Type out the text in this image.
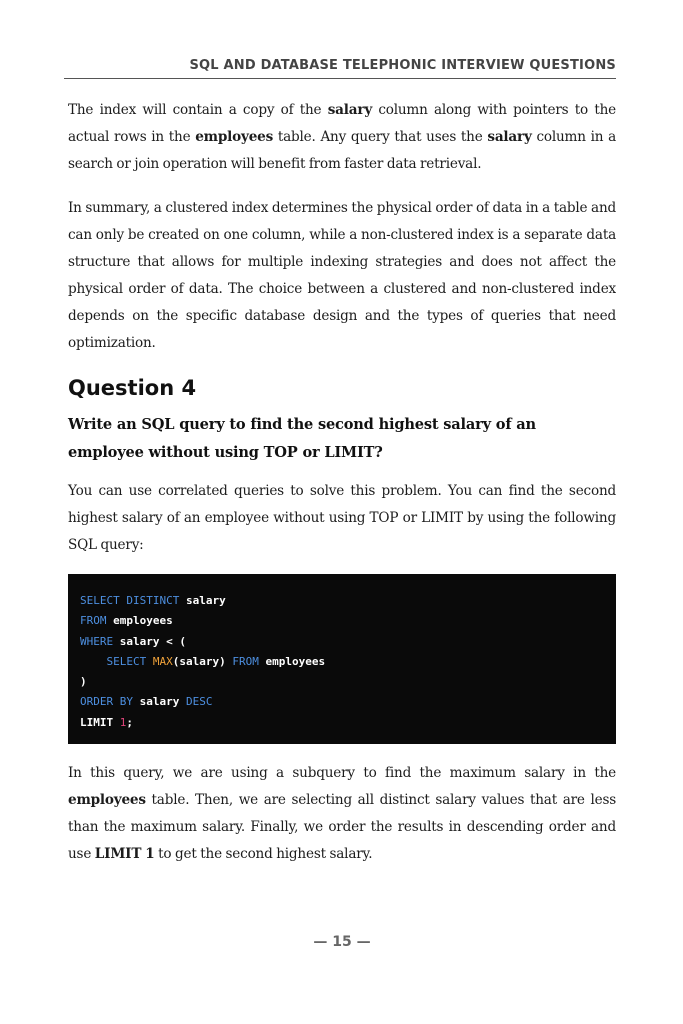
SQL AND DATABASE TELEPHONIC INTERVIEW QUESTIONS

The index will contain a copy of the salary column along with pointers to the actual rows in the employees table. Any query that uses the salary column in a search or join operation will benefit from faster data retrieval.

In summary, a clustered index determines the physical order of data in a table and can only be created on one column, while a non-clustered index is a separate data structure that allows for multiple indexing strategies and does not affect the physical order of data. The choice between a clustered and non-clustered index depends on the specific database design and the types of queries that need optimization.

Question 4

Write an SQL query to find the second highest salary of an employee without using TOP or LIMIT?

You can use correlated queries to solve this problem. You can find the second highest salary of an employee without using TOP or LIMIT by using the following SQL query:

SELECT DISTINCT salary
FROM employees
WHERE salary < (
SELECT MAX(salary) FROM employees
)
ORDER BY salary DESC
LIMIT 1;

In this query, we are using a subquery to find the maximum salary in the employees table. Then, we are selecting all distinct salary values that are less than the maximum salary. Finally, we order the results in descending order and use LIMIT 1 to get the second highest salary.

— 15 —
